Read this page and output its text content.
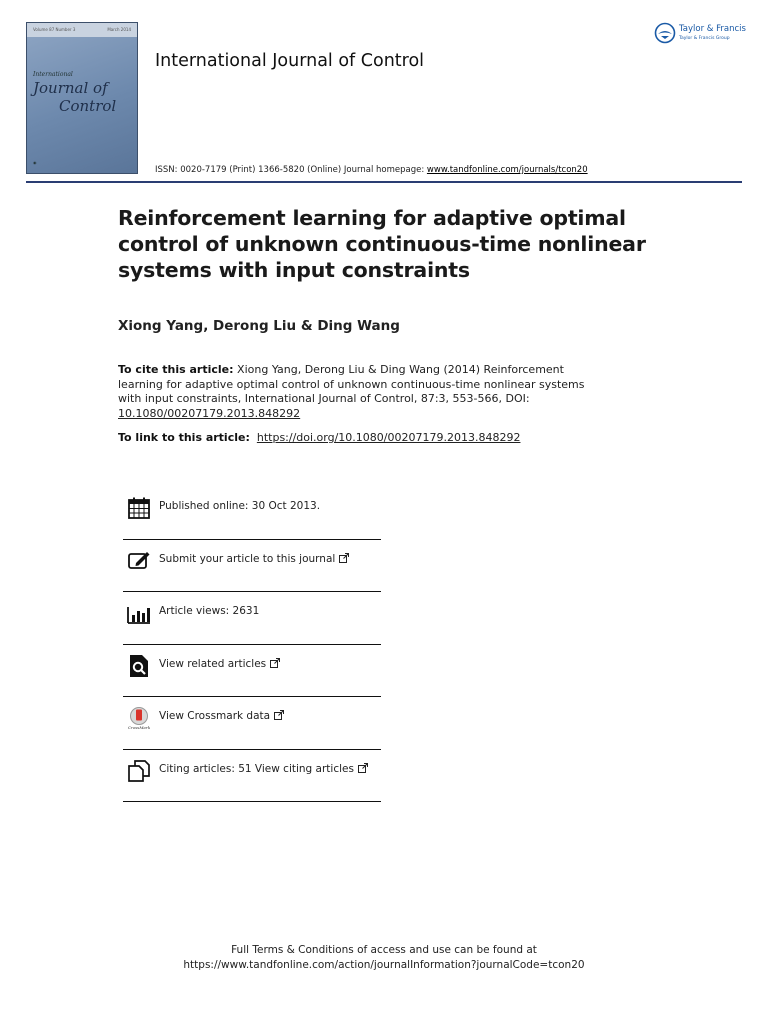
Volume 87 Number 3	March 2014
International
Journal of
Control
◉
International Journal of Control
ISSN: 0020-7179 (Print) 1366-5820 (Online) Journal homepage: www.tandfonline.com/journals/tcon20
Taylor & Francis
Taylor & Francis Group
Reinforcement learning for adaptive optimal control of unknown continuous-time nonlinear systems with input constraints
Xiong Yang, Derong Liu & Ding Wang
To cite this article: Xiong Yang, Derong Liu & Ding Wang (2014) Reinforcement learning for adaptive optimal control of unknown continuous-time nonlinear systems with input constraints, International Journal of Control, 87:3, 553-566, DOI: 10.1080/00207179.2013.848292
To link to this article: https://doi.org/10.1080/00207179.2013.848292
Published online: 30 Oct 2013.
Submit your article to this journal
Article views: 2631
View related articles
CrossMark
View Crossmark data
Citing articles: 51 View citing articles
Full Terms & Conditions of access and use can be found at
https://www.tandfonline.com/action/journalInformation?journalCode=tcon20
